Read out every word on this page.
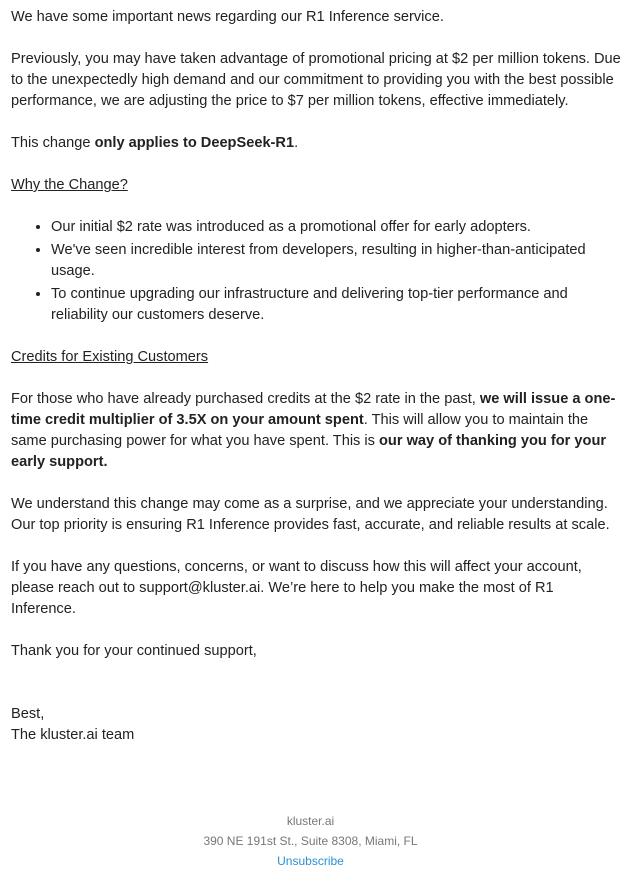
We have some important news regarding our R1 Inference service.

Previously, you may have taken advantage of promotional pricing at $2 per million tokens. Due to the unexpectedly high demand and our commitment to providing you with the best possible performance, we are adjusting the price to $7 per million tokens, effective immediately.

This change only applies to DeepSeek-R1.

Why the Change?

• Our initial $2 rate was introduced as a promotional offer for early adopters.
• We've seen incredible interest from developers, resulting in higher-than-anticipated usage.
• To continue upgrading our infrastructure and delivering top-tier performance and reliability our customers deserve.

Credits for Existing Customers

For those who have already purchased credits at the $2 rate in the past, we will issue a one-time credit multiplier of 3.5X on your amount spent. This will allow you to maintain the same purchasing power for what you have spent. This is our way of thanking you for your early support.

We understand this change may come as a surprise, and we appreciate your understanding. Our top priority is ensuring R1 Inference provides fast, accurate, and reliable results at scale.

If you have any questions, concerns, or want to discuss how this will affect your account, please reach out to support@kluster.ai. We’re here to help you make the most of R1 Inference.

Thank you for your continued support,

Best,
The kluster.ai team
kluster.ai
390 NE 191st St., Suite 8308, Miami, FL
Unsubscribe
